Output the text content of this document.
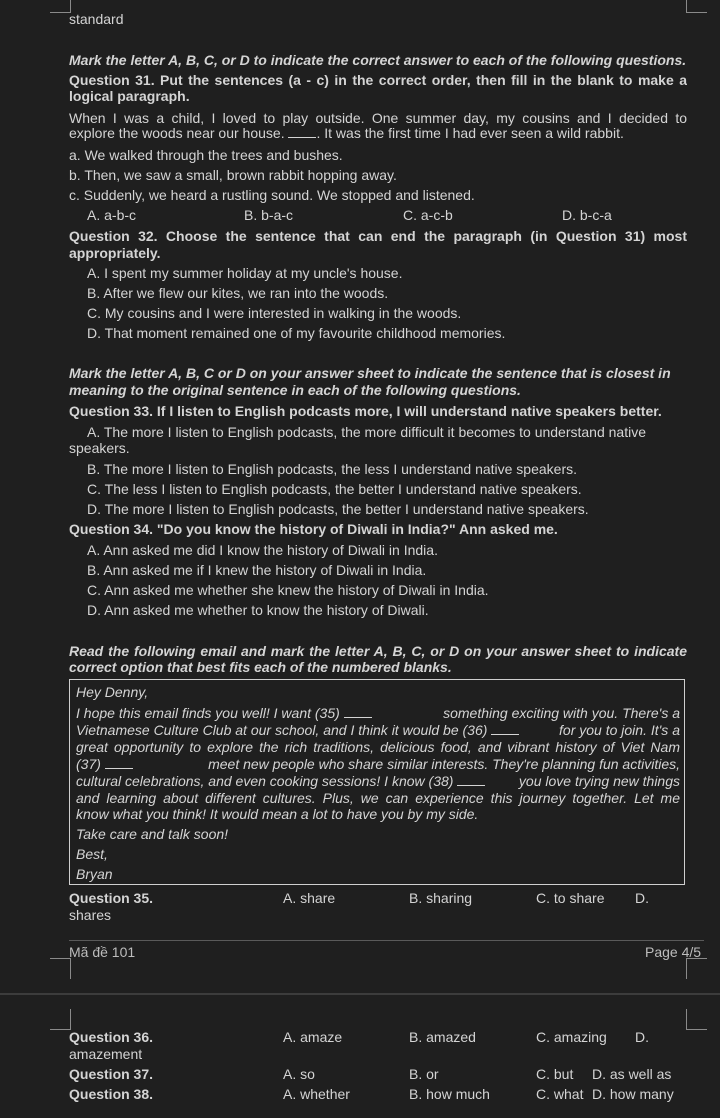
standard
Mark the letter A, B, C, or D to indicate the correct answer to each of the following questions.
Question 31. Put the sentences (a - c) in the correct order, then fill in the blank to make a
logical paragraph.
When I was a child, I loved to play outside. One summer day, my cousins and I decided to
explore the woods near our house. . It was the first time I had ever seen a wild rabbit.
a. We walked through the trees and bushes.
b. Then, we saw a small, brown rabbit hopping away.
c. Suddenly, we heard a rustling sound. We stopped and listened.
A. a-b-c	B. b-a-c	C. a-c-b	D. b-c-a
Question 32. Choose the sentence that can end the paragraph (in Question 31) most
appropriately.
A. I spent my summer holiday at my uncle's house.
B. After we flew our kites, we ran into the woods.
C. My cousins and I were interested in walking in the woods.
D. That moment remained one of my favourite childhood memories.
Mark the letter A, B, C or D on your answer sheet to indicate the sentence that is closest in
meaning to the original sentence in each of the following questions.
Question 33. If I listen to English podcasts more, I will understand native speakers better.
A. The more I listen to English podcasts, the more difficult it becomes to understand native
speakers.
B. The more I listen to English podcasts, the less I understand native speakers.
C. The less I listen to English podcasts, the better I understand native speakers.
D. The more I listen to English podcasts, the better I understand native speakers.
Question 34. "Do you know the history of Diwali in India?" Ann asked me.
A. Ann asked me did I know the history of Diwali in India.
B. Ann asked me if I knew the history of Diwali in India.
C. Ann asked me whether she knew the history of Diwali in India.
D. Ann asked me whether to know the history of Diwali.
Read the following email and mark the letter A, B, C, or D on your answer sheet to indicate
correct option that best fits each of the numbered blanks.
Hey Denny,
I hope this email finds you well! I want (35)	something exciting with you. There's a
Vietnamese Culture Club at our school, and I think it would be (36)	for you to join. It's a
great opportunity to explore the rich traditions, delicious food, and vibrant history of Viet Nam
(37)	meet new people who share similar interests. They're planning fun activities,
cultural celebrations, and even cooking sessions! I know (38)	you love trying new things
and learning about different cultures. Plus, we can experience this journey together. Let me
know what you think! It would mean a lot to have you by my side.
Take care and talk soon!
Best,
Bryan
Question 35.	A. share	B. sharing	C. to share D.
shares
Mã đề 101	Page 4/5
Question 36.	A. amaze	B. amazed	C. amazing D.
amazement
Question 37.	A. so	B. or	C. but D. as well as
Question 38.	A. whether	B. how much	C. what D. how many
